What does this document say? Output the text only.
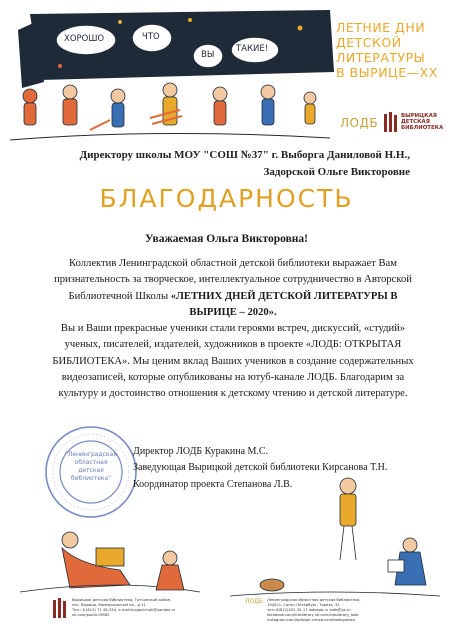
ХОРОШО	ЧТО
ВЫ
ТАКИЕ!
ЛЕТНИЕ ДНИ
ДЕТСКОЙ
ЛИТЕРАТУРЫ
В ВЫРИЦЕ—XX
ЛОДБ	ВЫРИЦКАЯ
ДЕТСКАЯ
БИБЛИОТЕКА
Директору школы МОУ "СОШ №37" г. Выборга Даниловой Н.Н.,
Задорской Ольге Викторовне
БЛАГОДАРНОСТЬ
Уважаемая Ольга Викторовна!

Коллектив Ленинградской областной детской библиотеки выражает Вам признательность за творческое, интеллектуальное сотрудничество в Авторской Библиотечной Школы «ЛЕТНИХ ДНЕЙ ДЕТСКОЙ ЛИТЕРАТУРЫ В ВЫРИЦЕ – 2020».

Вы и Ваши прекрасные ученики стали героями встреч, дискуссий, «студий» ученых, писателей, издателей, художников в проекте «ЛОДБ: ОТКРЫТАЯ БИБЛИОТЕКА». Мы ценим вклад Ваших учеников в создание содержательных видеозаписей, которые опубликованы на ютуб-канале ЛОДБ. Благодарим за культуру и достоинство отношения к детскому чтению и детской литературе.

"Ленинградская
областная
детская
библиотека"
Директор ЛОДБ Куракина М.С.
Заведующая Вырицкой детской библиотеки Кирсанова Т.Н.
Координатор проекта Степанова Л.В.
Вырицкая детская библиотека, Гатчинский район,
пос. Вырица, Коммунальный пр., д.11
Тел.: 8 (813) 71 48-334, e-mail:knigovichok@yandex.ru
vk.com/public19882
ЛОДБ Ленинградская областная детская библиотека,
194021, Санкт-Петербург, Тореза, 32
тел: 8(812)552-35-17 lodbspb.ru lodb@ya.ru
facebook.com/Kidslibrary vk.com/kidslibrary_lodb
instagram.com/lodbspb vimeo.com/bookgarden
